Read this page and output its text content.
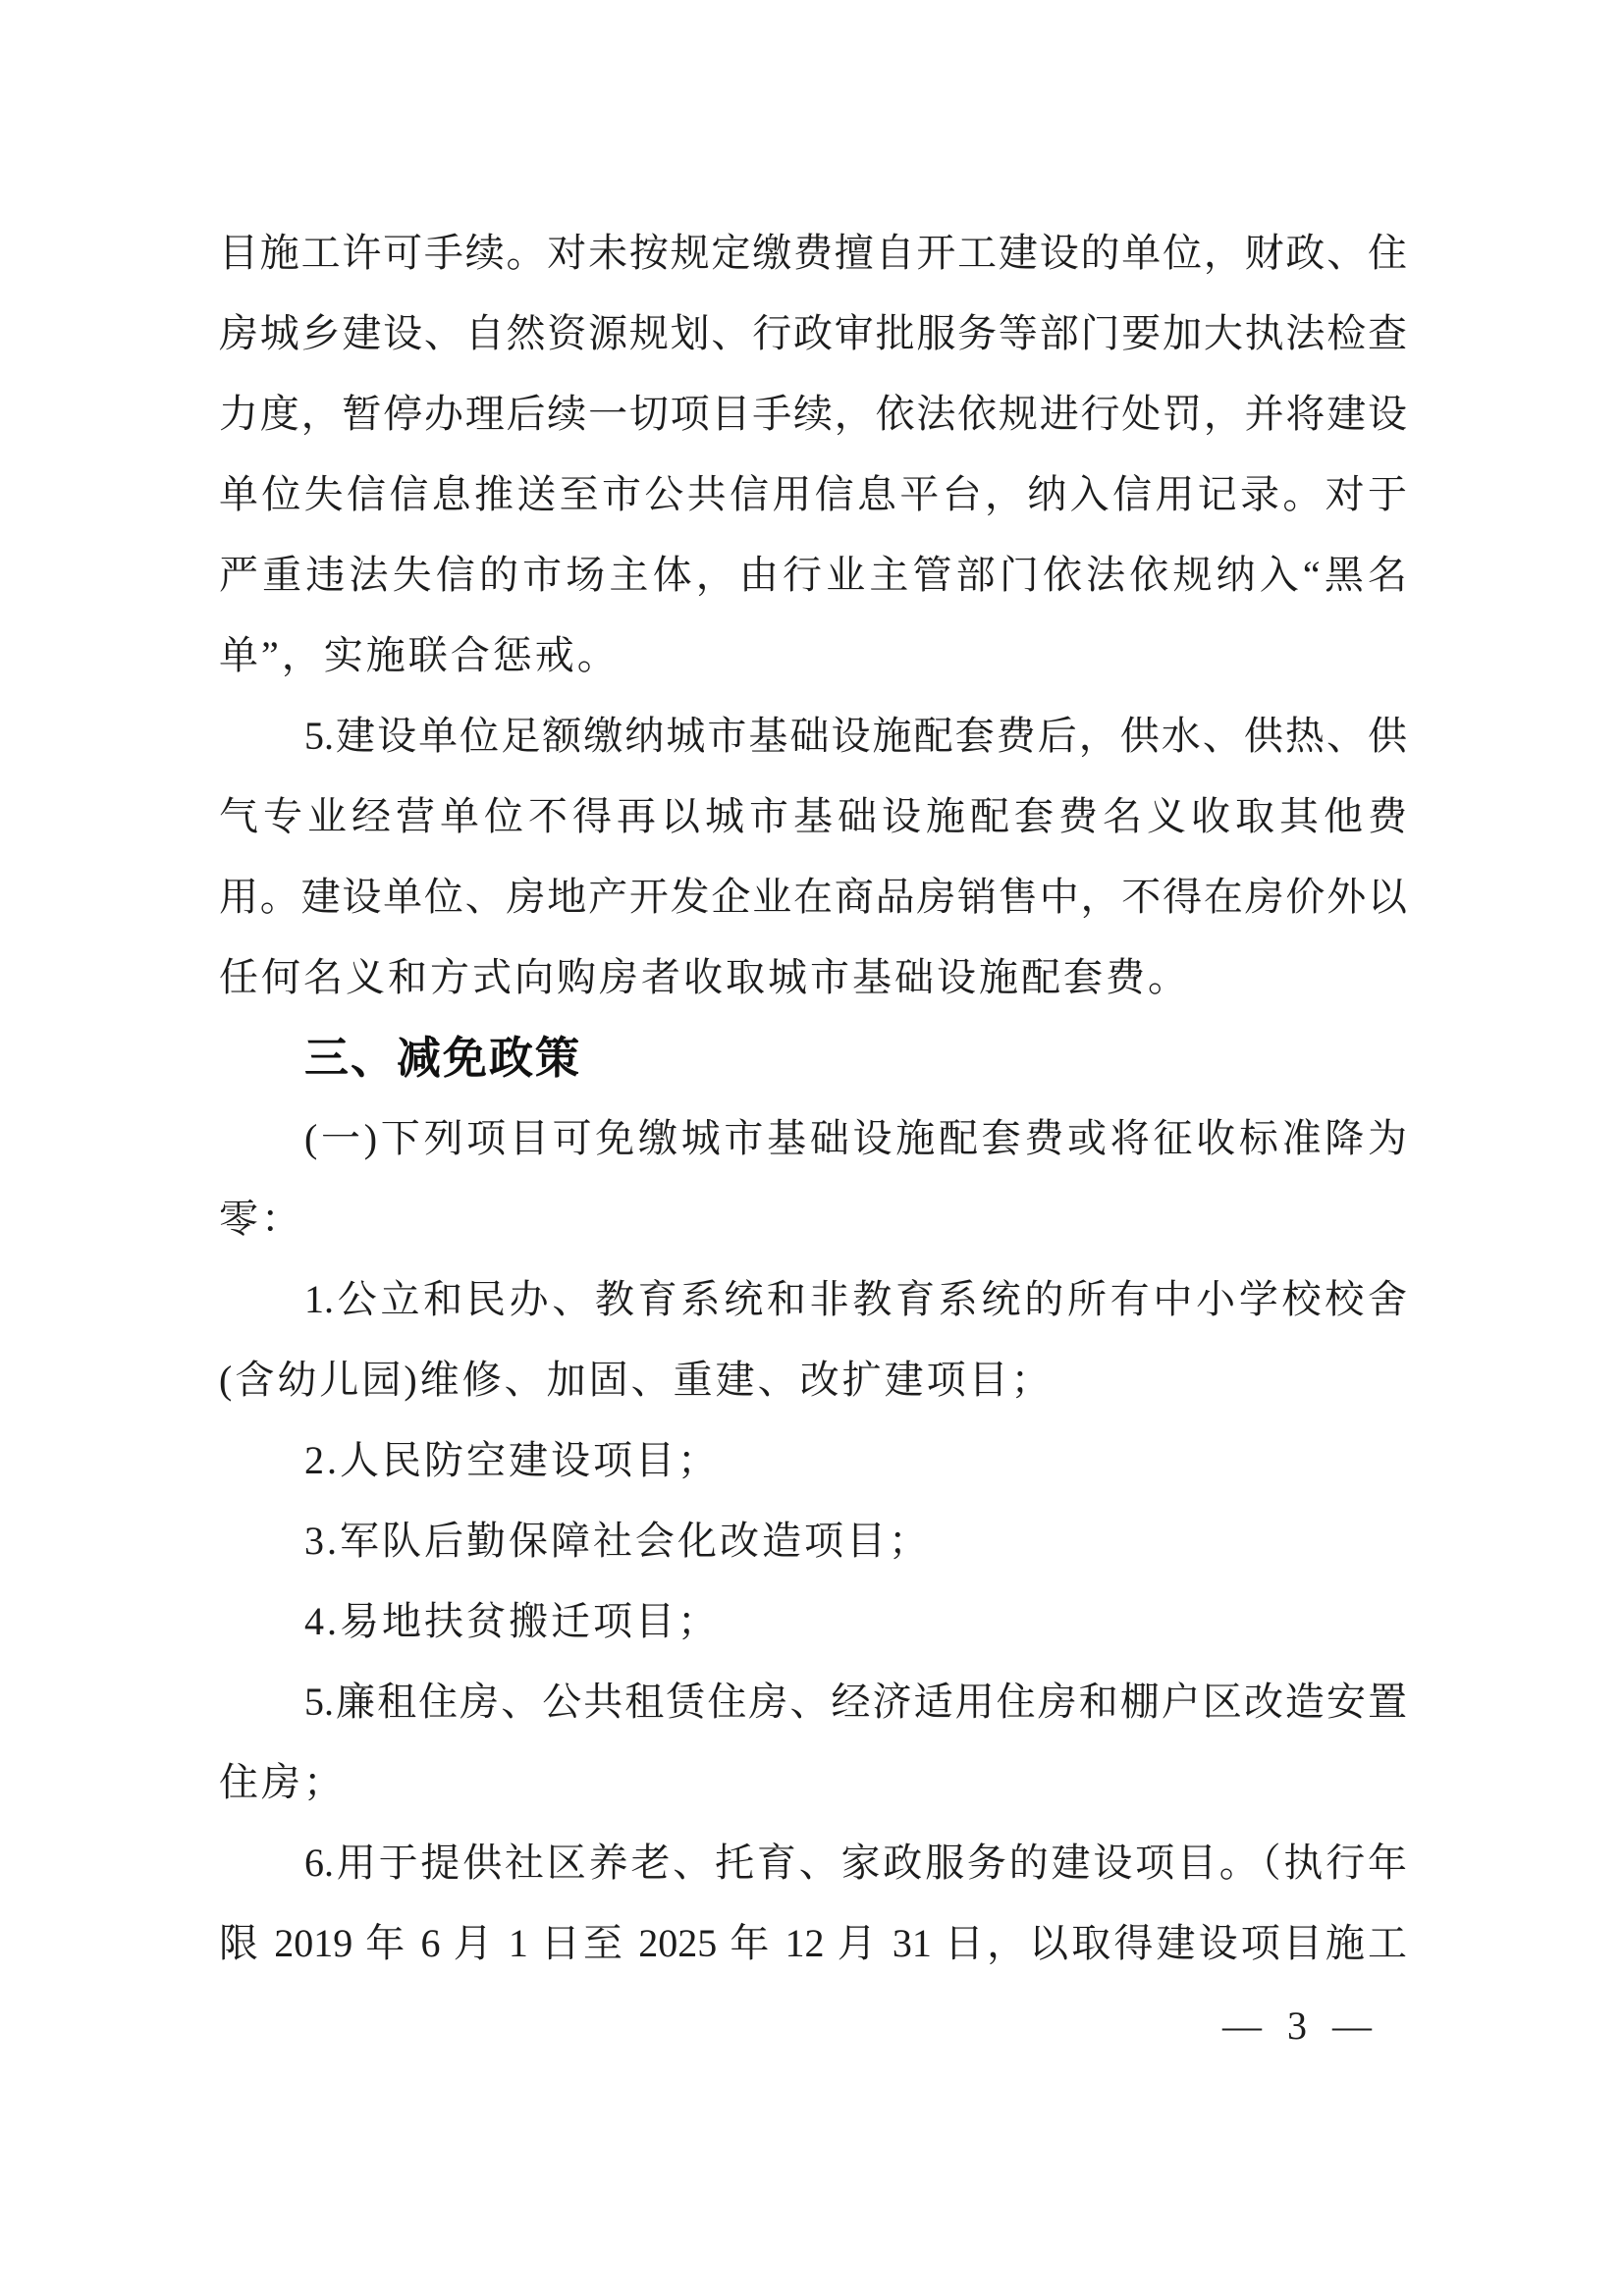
目施工许可手续。对未按规定缴费擅自开工建设的单位，财政、住
房城乡建设、自然资源规划、行政审批服务等部门要加大执法检查
力度，暂停办理后续一切项目手续，依法依规进行处罚，并将建设
单位失信信息推送至市公共信用信息平台，纳入信用记录。对于
严重违法失信的市场主体，由行业主管部门依法依规纳入“黑名
单”，实施联合惩戒。
5.建设单位足额缴纳城市基础设施配套费后，供水、供热、供
气专业经营单位不得再以城市基础设施配套费名义收取其他费
用。建设单位、房地产开发企业在商品房销售中，不得在房价外以
任何名义和方式向购房者收取城市基础设施配套费。
三、减免政策
(一)下列项目可免缴城市基础设施配套费或将征收标准降为
零：
1.公立和民办、教育系统和非教育系统的所有中小学校校舍
(含幼儿园)维修、加固、重建、改扩建项目；
2.人民防空建设项目；
3.军队后勤保障社会化改造项目；
4.易地扶贫搬迁项目；
5.廉租住房、公共租赁住房、经济适用住房和棚户区改造安置
住房；
6.用于提供社区养老、托育、家政服务的建设项目。（执行年
限 2019 年 6 月 1 日至 2025 年 12 月 31 日，以取得建设项目施工
— 3 —
